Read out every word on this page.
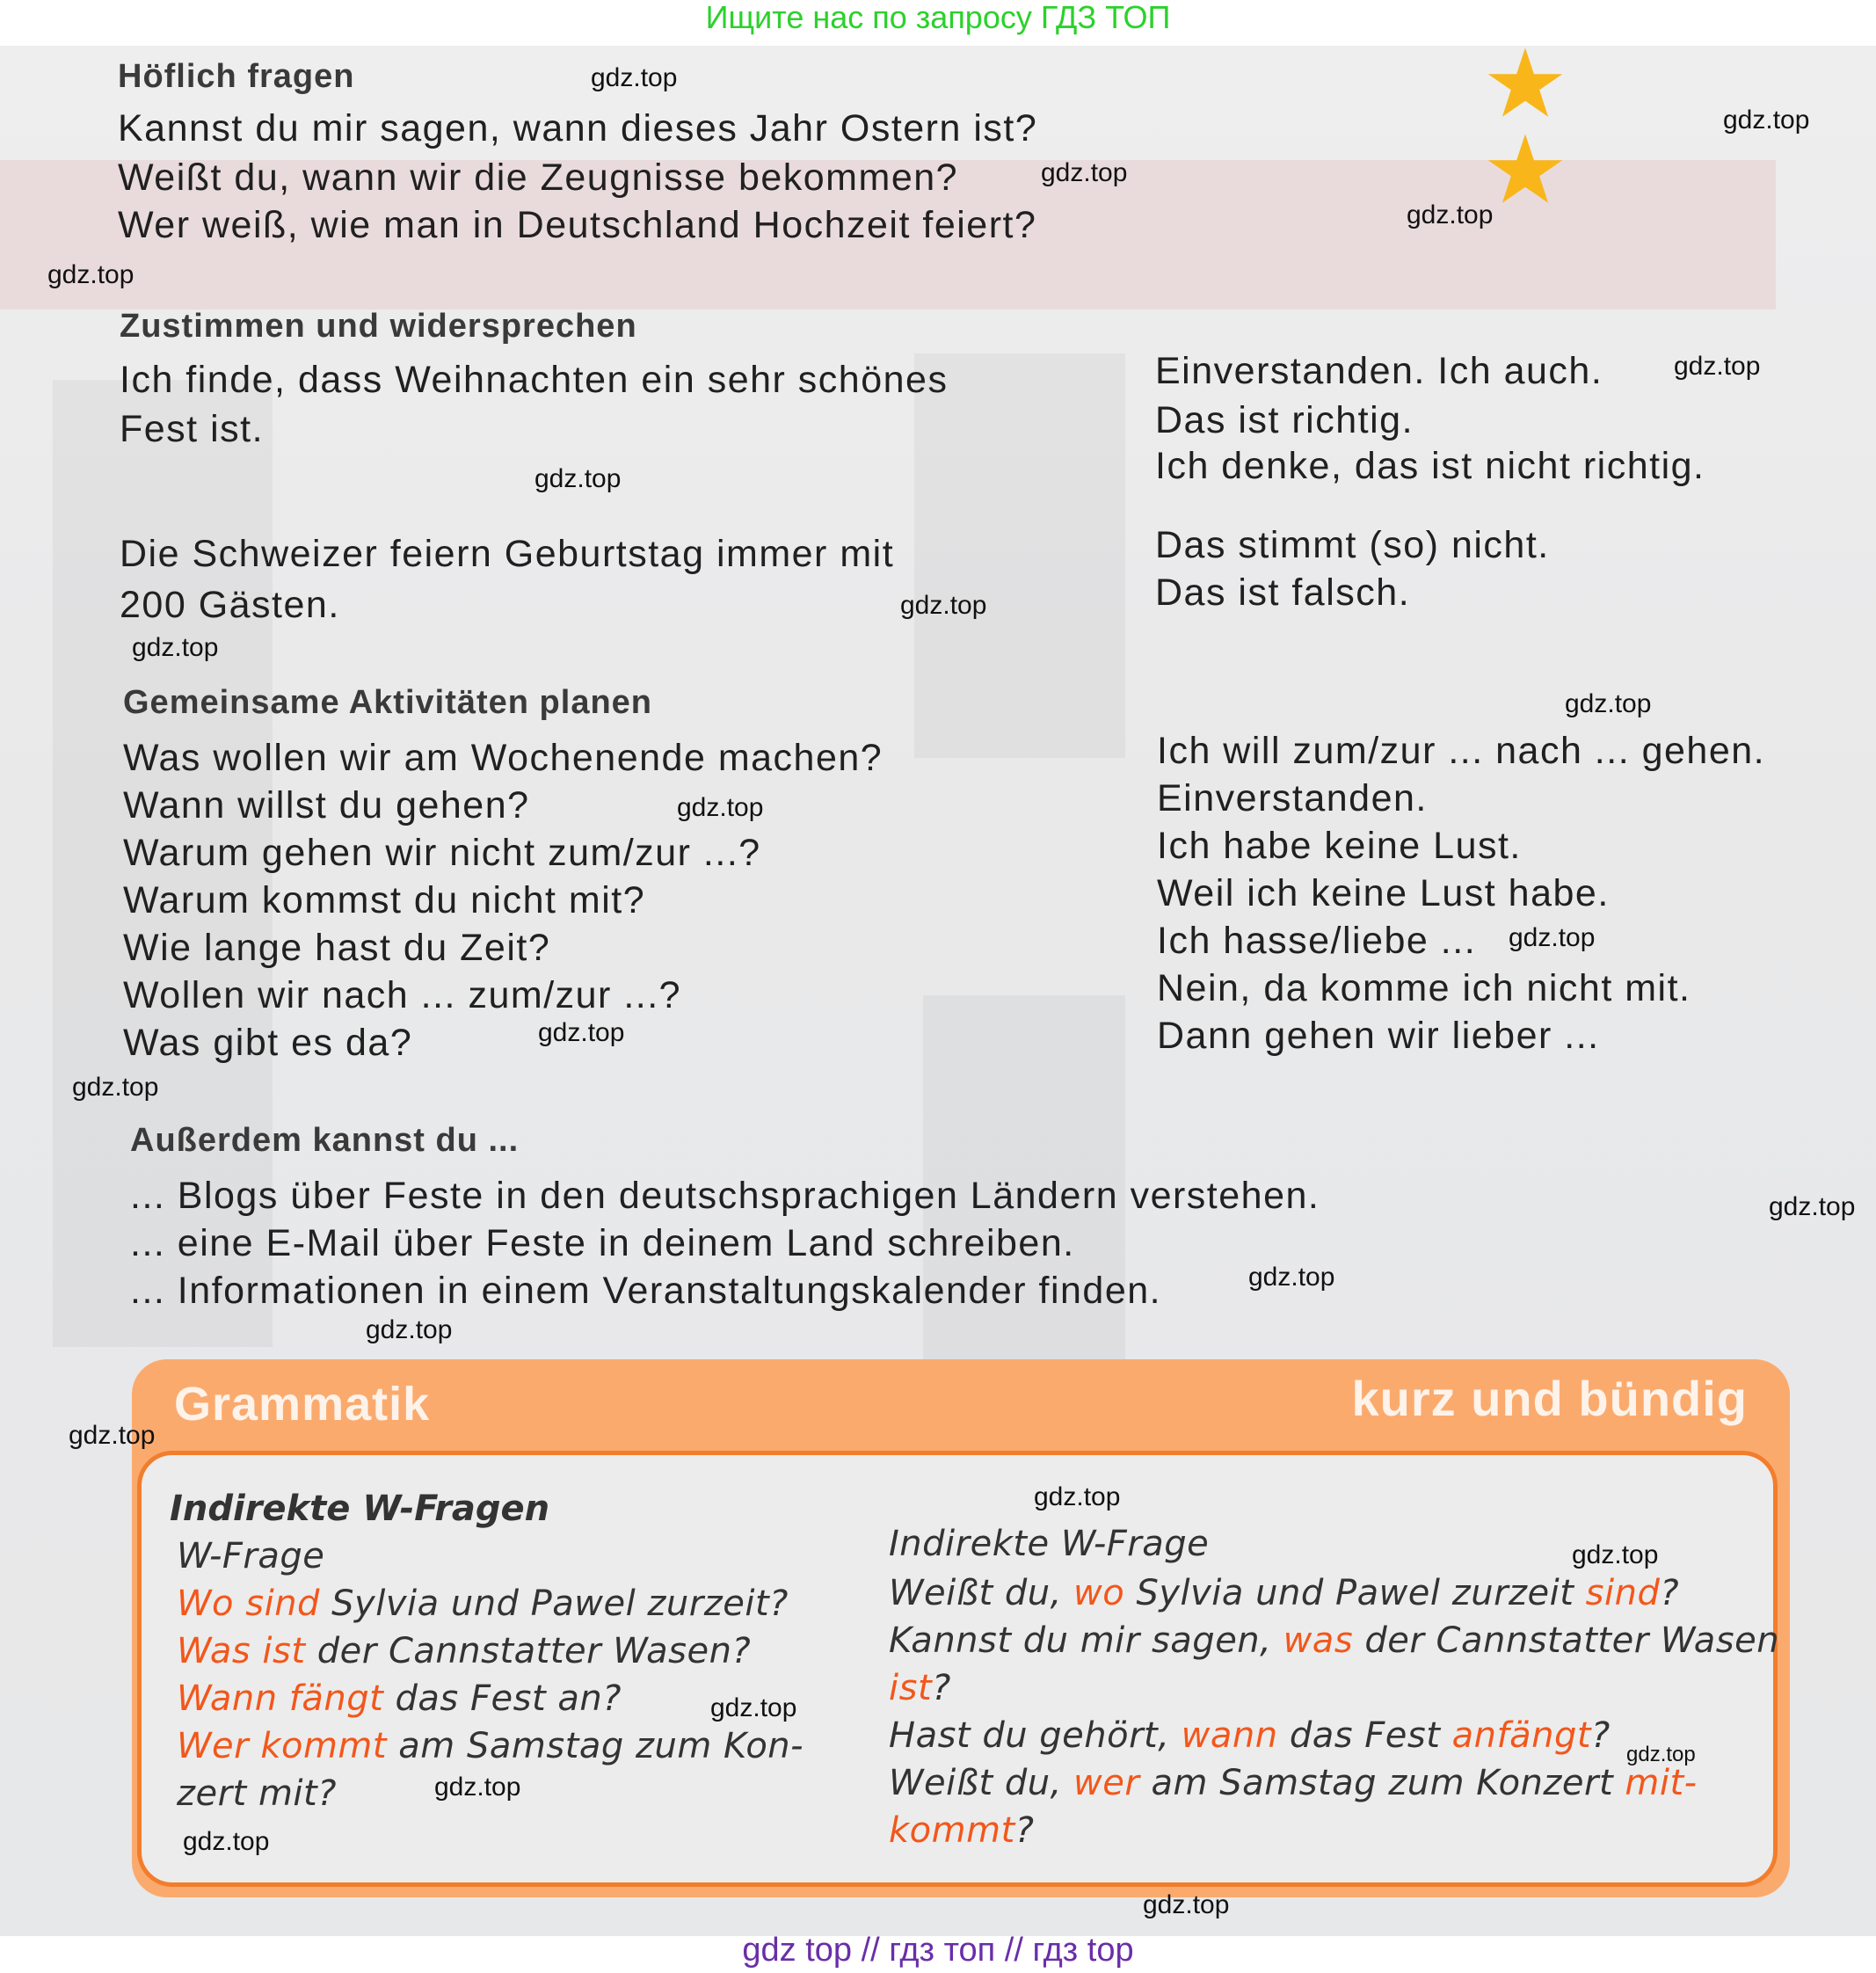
Ищите нас по запросу ГДЗ ТОП
Höflich fragen
Kannst du mir sagen, wann dieses Jahr Ostern ist?
Weißt du, wann wir die Zeugnisse bekommen?
Wer weiß, wie man in Deutschland Hochzeit feiert?
Zustimmen und widersprechen
Ich finde, dass Weihnachten ein sehr schönes
Fest ist.
Die Schweizer feiern Geburtstag immer mit
200 Gästen.
Einverstanden. Ich auch.
Das ist richtig.
Ich denke, das ist nicht richtig.
Das stimmt (so) nicht.
Das ist falsch.
Gemeinsame Aktivitäten planen
Was wollen wir am Wochenende machen?
Wann willst du gehen?
Warum gehen wir nicht zum/zur ...?
Warum kommst du nicht mit?
Wie lange hast du Zeit?
Wollen wir nach ... zum/zur ...?
Was gibt es da?
Ich will zum/zur ... nach ... gehen.
Einverstanden.
Ich habe keine Lust.
Weil ich keine Lust habe.
Ich hasse/liebe ...
Nein, da komme ich nicht mit.
Dann gehen wir lieber ...
Außerdem kannst du ...
... Blogs über Feste in den deutschsprachigen Ländern verstehen.
... eine E-Mail über Feste in deinem Land schreiben.
... Informationen in einem Veranstaltungskalender finden.
Grammatik	kurz und bündig
Indirekte W-Fragen
W-Frage
Wo sind Sylvia und Pawel zurzeit?
Was ist der Cannstatter Wasen?
Wann fängt das Fest an?
Wer kommt am Samstag zum Kon-
zert mit?
Indirekte W-Frage
Weißt du, wo Sylvia und Pawel zurzeit sind?
Kannst du mir sagen, was der Cannstatter Wasen
ist?
Hast du gehört, wann das Fest anfängt?
Weißt du, wer am Samstag zum Konzert mit-
kommt?
gdz.top
gdz.top
gdz.top
gdz.top
gdz.top
gdz.top
gdz.top
gdz.top
gdz.top
gdz.top
gdz.top
gdz.top
gdz.top
gdz.top
gdz.top
gdz.top
gdz.top
gdz.top
gdz.top
gdz.top
gdz.top
gdz.top
gdz.top
gdz.top
gdz.top
gdz top // гдз топ // гдз top
